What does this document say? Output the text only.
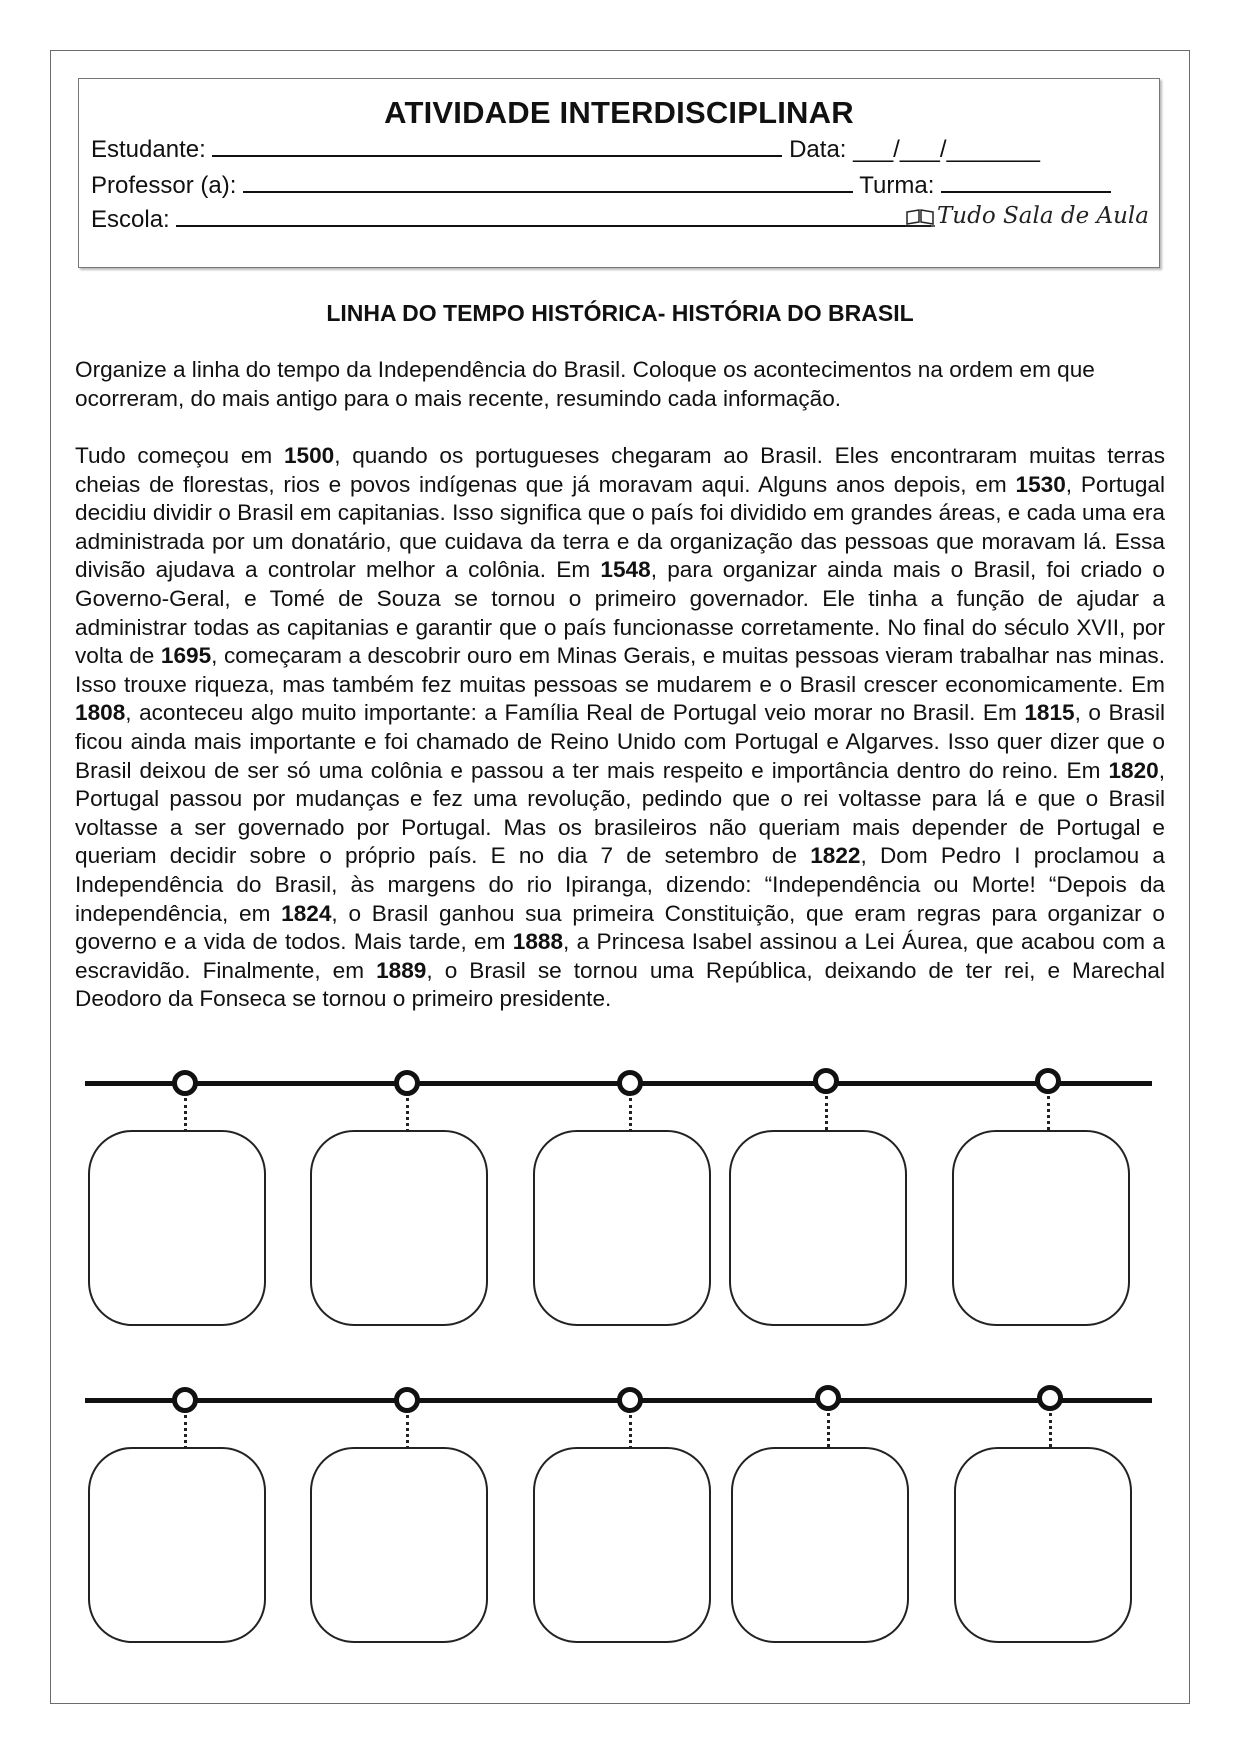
ATIVIDADE INTERDISCIPLINAR
Estudante:	Data: ___/___/_______
Professor (a):	Turma:
Escola:	Tudo Sala de Aula
LINHA DO TEMPO HISTÓRICA- HISTÓRIA DO BRASIL
Organize a linha do tempo da Independência do Brasil. Coloque os acontecimentos na ordem em que ocorreram, do mais antigo para o mais recente, resumindo cada informação.
Tudo começou em 1500, quando os portugueses chegaram ao Brasil. Eles encontraram muitas terras cheias de florestas, rios e povos indígenas que já moravam aqui. Alguns anos depois, em 1530, Portugal decidiu dividir o Brasil em capitanias. Isso significa que o país foi dividido em grandes áreas, e cada uma era administrada por um donatário, que cuidava da terra e da organização das pessoas que moravam lá. Essa divisão ajudava a controlar melhor a colônia. Em 1548, para organizar ainda mais o Brasil, foi criado o Governo-Geral, e Tomé de Souza se tornou o primeiro governador. Ele tinha a função de ajudar a administrar todas as capitanias e garantir que o país funcionasse corretamente. No final do século XVII, por volta de 1695, começaram a descobrir ouro em Minas Gerais, e muitas pessoas vieram trabalhar nas minas. Isso trouxe riqueza, mas também fez muitas pessoas se mudarem e o Brasil crescer economicamente. Em 1808, aconteceu algo muito importante: a Família Real de Portugal veio morar no Brasil. Em 1815, o Brasil ficou ainda mais importante e foi chamado de Reino Unido com Portugal e Algarves. Isso quer dizer que o Brasil deixou de ser só uma colônia e passou a ter mais respeito e importância dentro do reino. Em 1820, Portugal passou por mudanças e fez uma revolução, pedindo que o rei voltasse para lá e que o Brasil voltasse a ser governado por Portugal. Mas os brasileiros não queriam mais depender de Portugal e queriam decidir sobre o próprio país. E no dia 7 de setembro de 1822, Dom Pedro I proclamou a Independência do Brasil, às margens do rio Ipiranga, dizendo: “Independência ou Morte! “Depois da independência, em 1824, o Brasil ganhou sua primeira Constituição, que eram regras para organizar o governo e a vida de todos. Mais tarde, em 1888, a Princesa Isabel assinou a Lei Áurea, que acabou com a escravidão. Finalmente, em 1889, o Brasil se tornou uma República, deixando de ter rei, e Marechal Deodoro da Fonseca se tornou o primeiro presidente.
